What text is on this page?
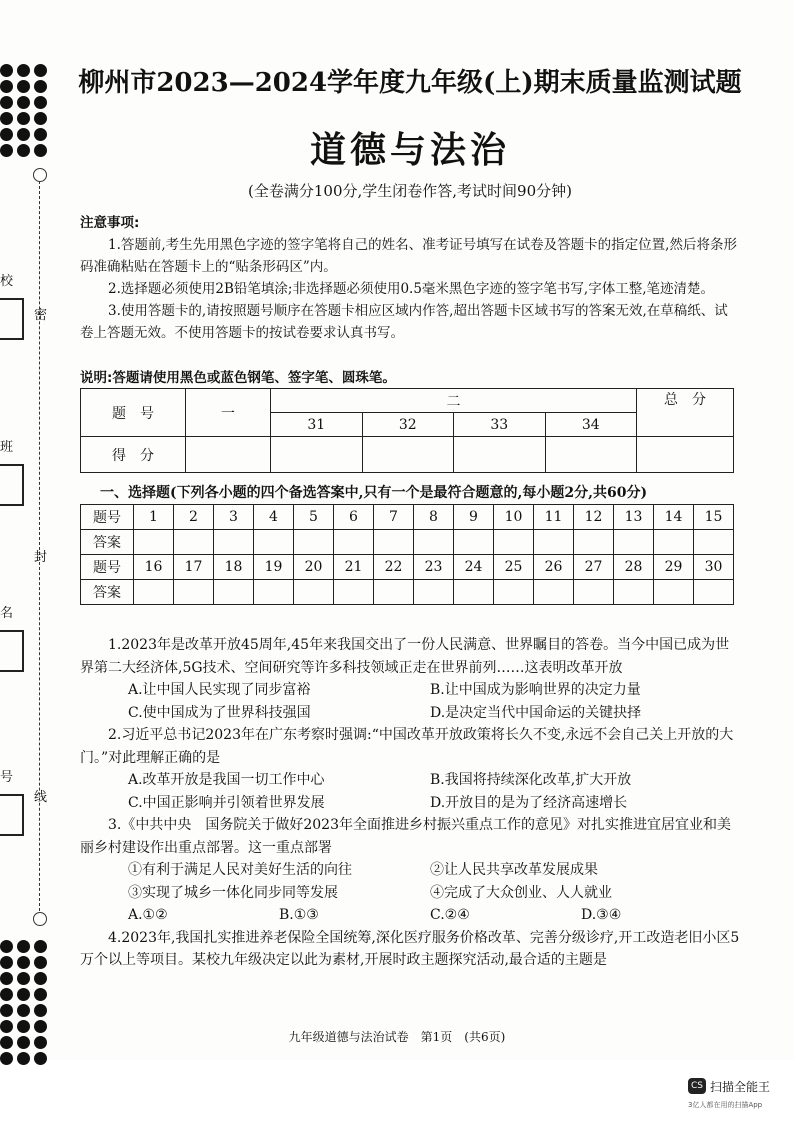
密
封
线
校
班
名
号
柳州市2023—2024学年度九年级(上)期末质量监测试题
道德与法治
(全卷满分100分,学生闭卷作答,考试时间90分钟)

注意事项:

1.答题前,考生先用黑色字迹的签字笔将自己的姓名、准考证号填写在试卷及答题卡的指定位置,然后将条形码准确粘贴在答题卡上的“贴条形码区”内。

2.选择题必须使用2B铅笔填涂;非选择题必须使用0.5毫米黑色字迹的签字笔书写,字体工整,笔迹清楚。

3.使用答题卡的,请按照题号顺序在答题卡相应区域内作答,超出答题卡区域书写的答案无效,在草稿纸、试卷上答题无效。不使用答题卡的按试卷要求认真书写。

说明:答题请使用黑色或蓝色钢笔、签字笔、圆珠笔。
题　号	一	二				总　分
		31	32	33	34	
得　分						
一、选择题(下列各小题的四个备选答案中,只有一个是最符合题意的,每小题2分,共60分)
题号	1	2	3	4	5	6	7	8	9	10	11	12	13	14	15
答案															
题号	16	17	18	19	20	21	22	23	24	25	26	27	28	29	30
答案															

1.2023年是改革开放45周年,45年来我国交出了一份人民满意、世界瞩目的答卷。当今中国已成为世界第二大经济体,5G技术、空间研究等许多科技领域正走在世界前列……这表明改革开放

A.让中国人民实现了同步富裕	B.让中国成为影响世界的决定力量
C.使中国成为了世界科技强国	D.是决定当代中国命运的关键抉择

2.习近平总书记2023年在广东考察时强调:“中国改革开放政策将长久不变,永远不会自己关上开放的大门。”对此理解正确的是

A.改革开放是我国一切工作中心	B.我国将持续深化改革,扩大开放
C.中国正影响并引领着世界发展	D.开放目的是为了经济高速增长

3.《中共中央　国务院关于做好2023年全面推进乡村振兴重点工作的意见》对扎实推进宜居宜业和美丽乡村建设作出重点部署。这一重点部署

①有利于满足人民对美好生活的向往	②让人民共享改革发展成果
③实现了城乡一体化同步同等发展	④完成了大众创业、人人就业
A.①②	B.①③	C.②④	D.③④

4.2023年,我国扎实推进养老保险全国统筹,深化医疗服务价格改革、完善分级诊疗,开工改造老旧小区5万个以上等项目。某校九年级决定以此为素材,开展时政主题探究活动,最合适的主题是

九年级道德与法治试卷　第1页　(共6页)
CS 扫描全能王
3亿人都在用的扫描App
